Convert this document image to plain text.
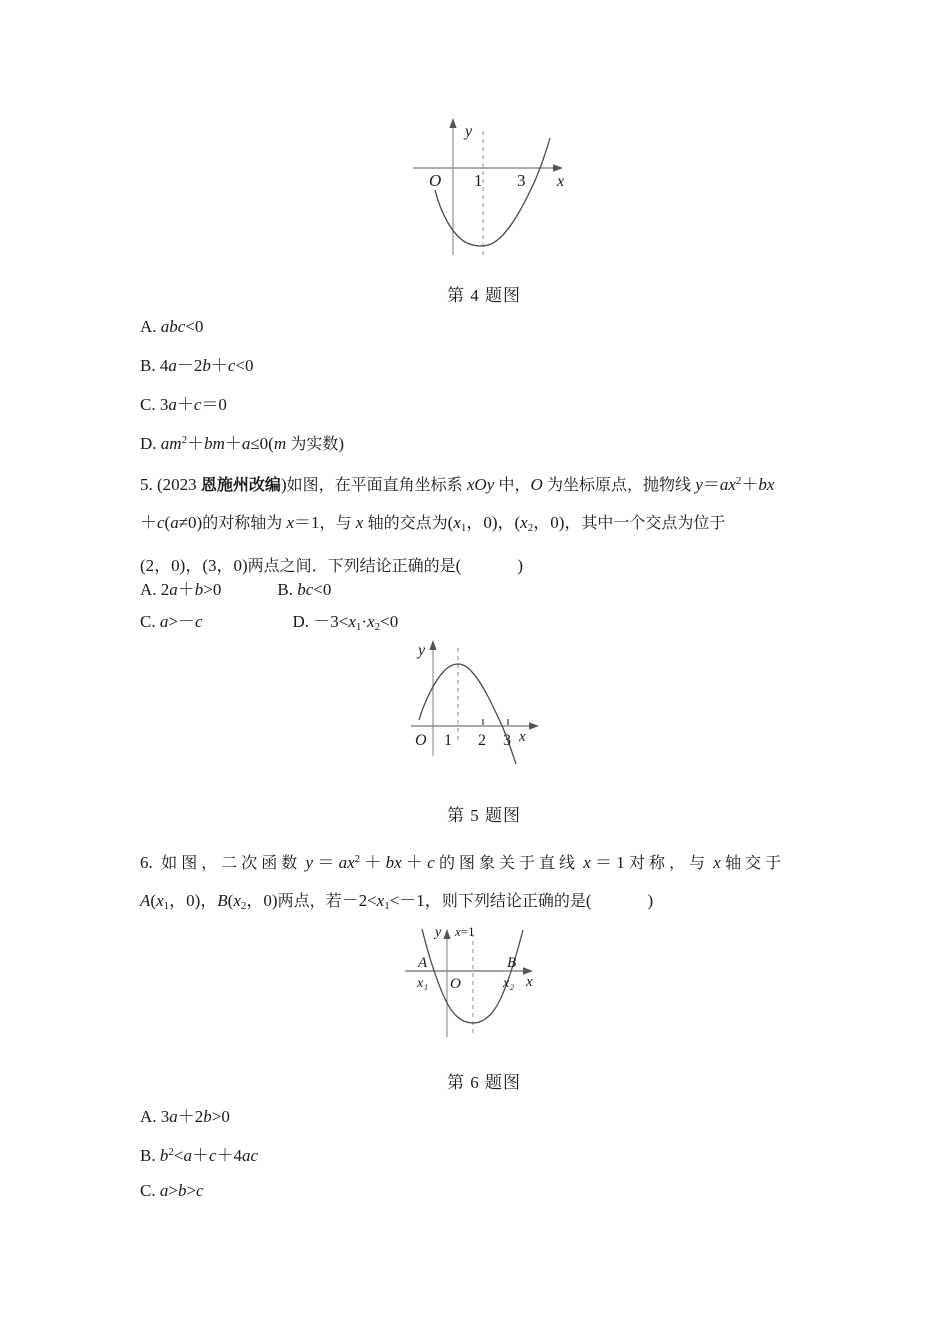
O 1 3
y
x
第 4 题图
A. abc<0
B. 4a－2b＋c<0
C. 3a＋c＝0
D. $am^2+bm+a\le 0(m$ 为实数)
5. (2023 恩施州改编)如图，在平面直角坐标系 xOy 中，O 为坐标原点，抛物线 $y=ax^2+bx$
＋c(a≠0)的对称轴为 x＝1，与 x 轴的交点为($x_1$，0)，($x_2$，0)，其中一个交点为位于
(2，0)，(3，0)两点之间．下列结论正确的是(	)
A. 2a＋b>0	B. bc<0
C. a>－c	D. $-3<x_1\cdot x_2<0$
O 1 2 3
y
x
第 5 题图
6.  如图，二次函数 $y = ax^2$ ＋ bx ＋ c 的图象关于直线 x ＝ 1 对称，与 x 轴交于
$A(x_1$，0)，$B(x_2$，0)两点，若$-2<x_1<-1$，则下列结论正确的是(	)
A
x₁ O
B
x₂
y x=1
x
第 6 题图
A. 3a＋2b>0
B. $b^2<a+c+4ac$
C. a>b>c
